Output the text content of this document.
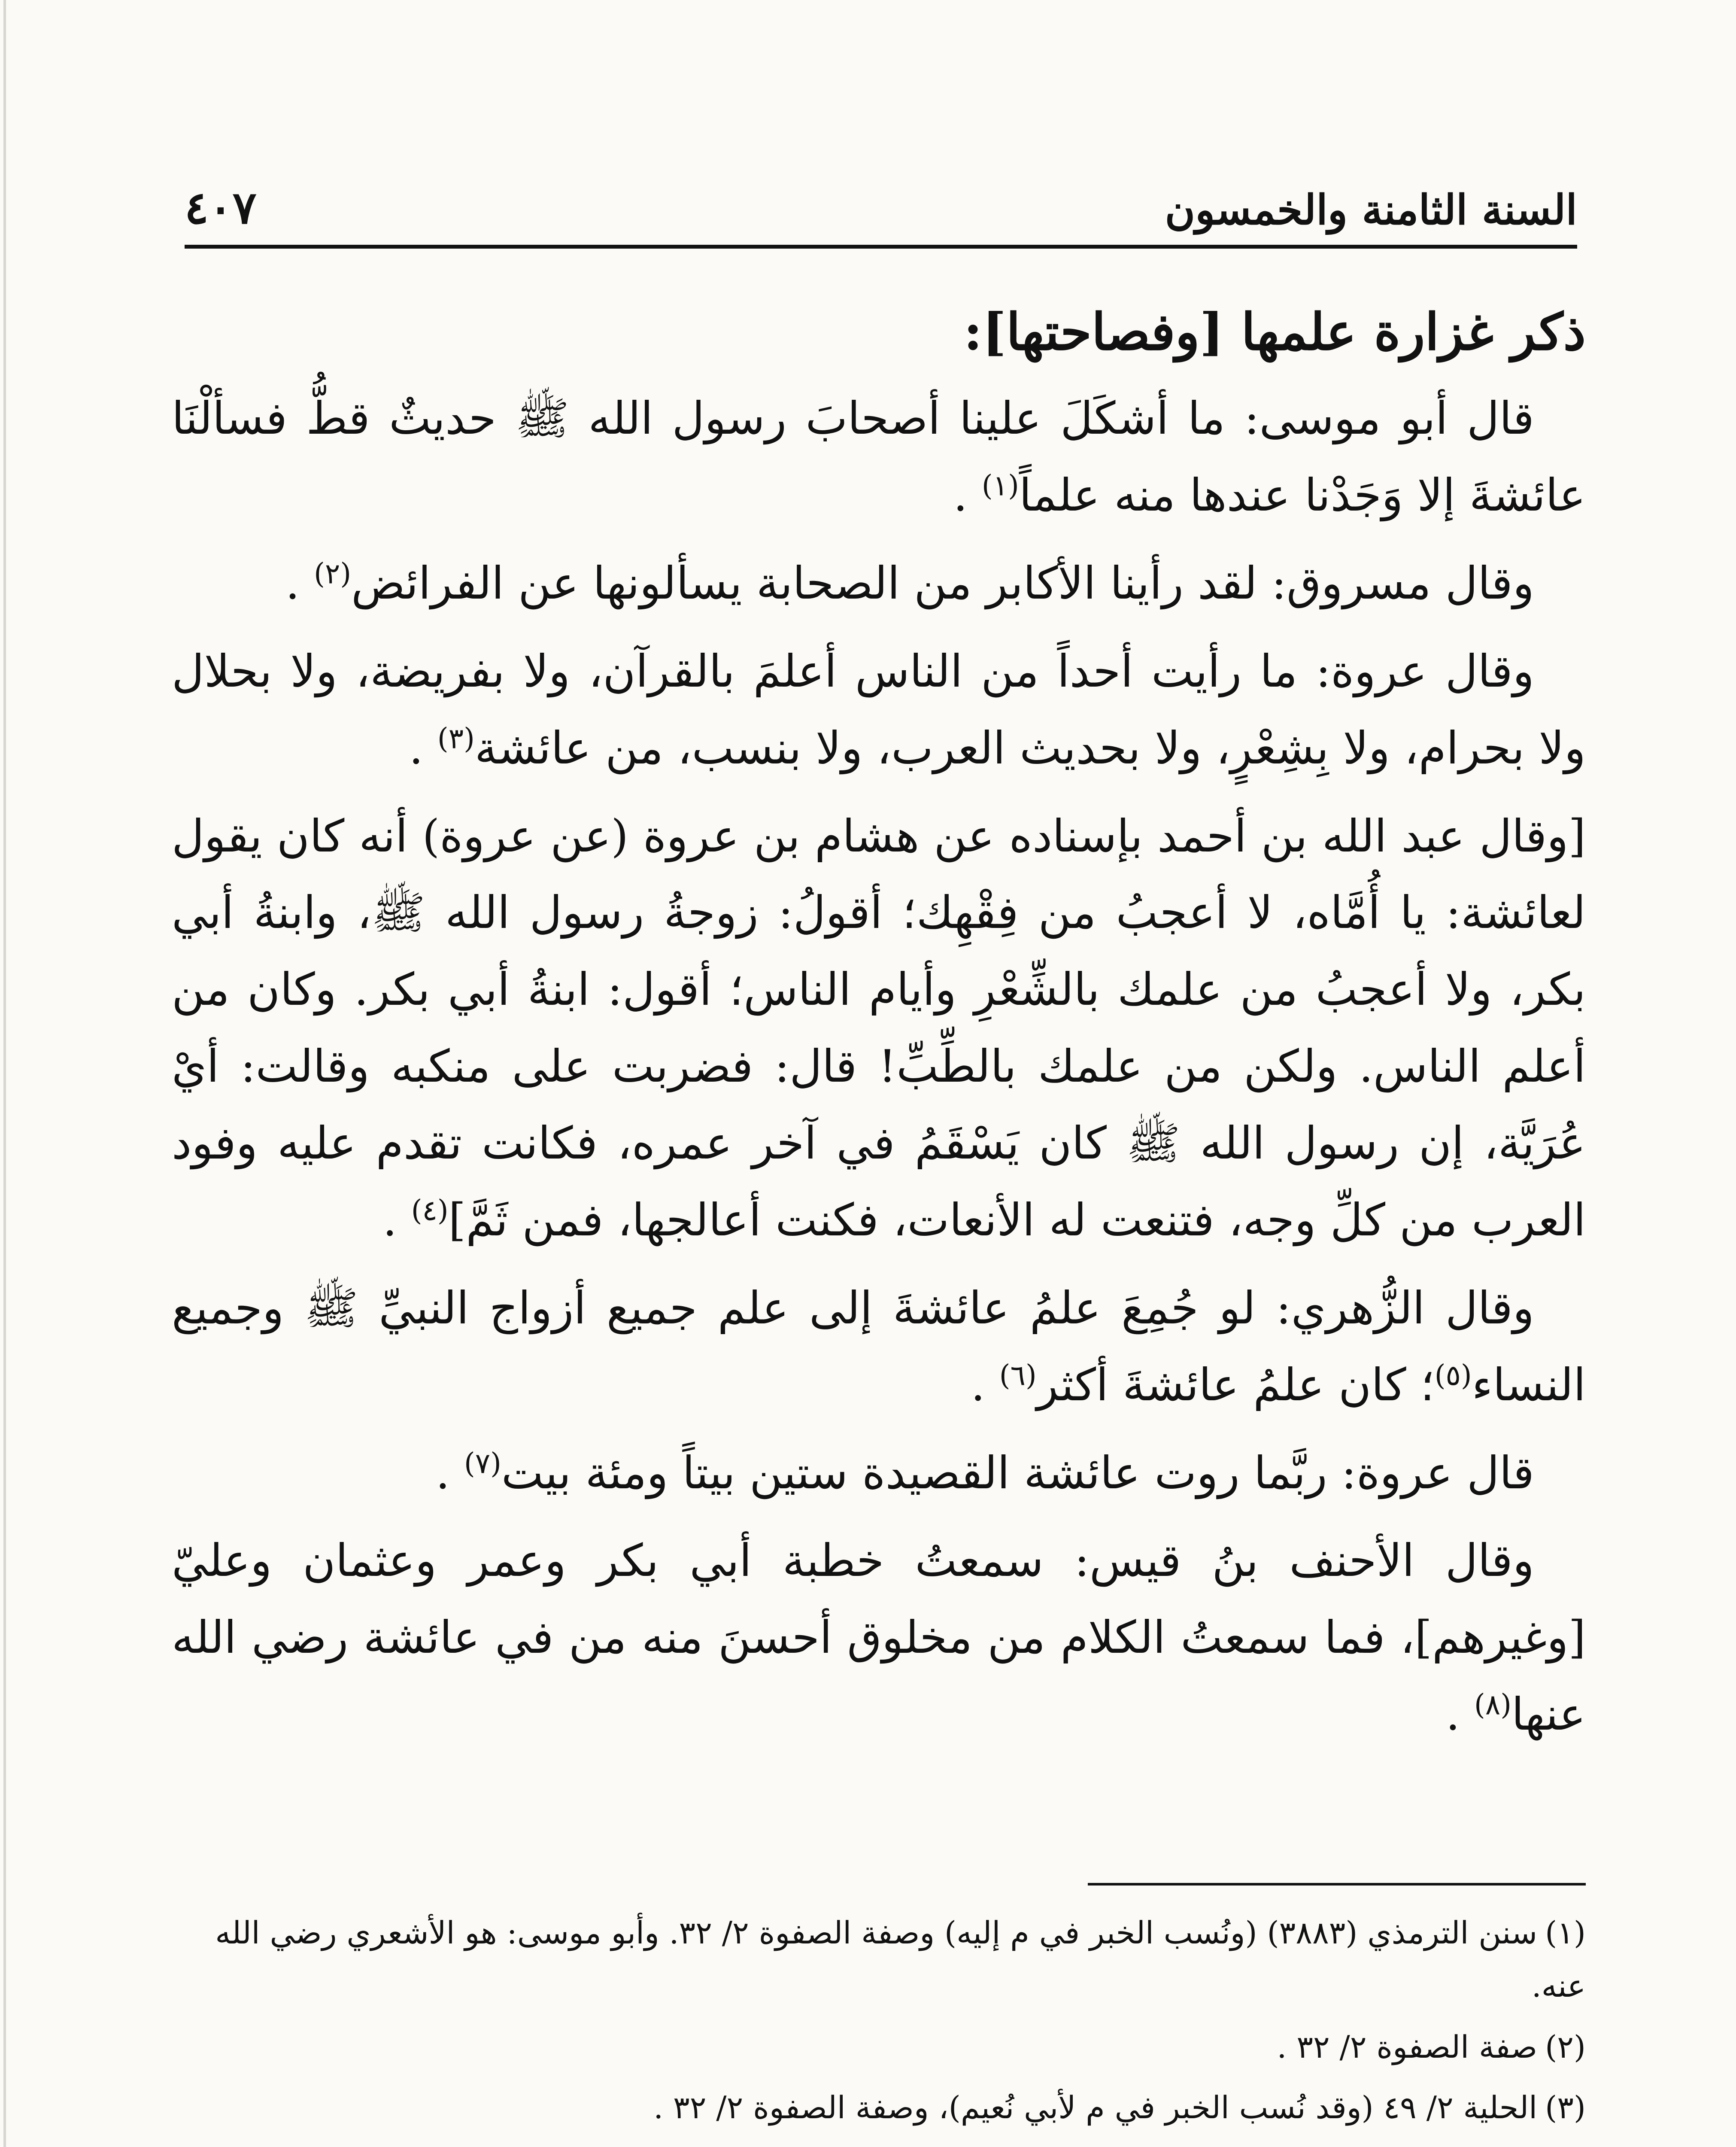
السنة الثامنة والخمسون
٤٠٧
ذكر غزارة علمها [وفصاحتها]:

قال أبو موسى: ما أشكَلَ علينا أصحابَ رسول الله ﷺ حديثٌ قطُّ فسألْنَا عائشةَ إلا وَجَدْنا عندها منه علماً$^{(١)}$ .

وقال مسروق: لقد رأينا الأكابر من الصحابة يسألونها عن الفرائض$^{(٢)}$ .

وقال عروة: ما رأيت أحداً من الناس أعلمَ بالقرآن، ولا بفريضة، ولا بحلال ولا بحرام، ولا بِشِعْرٍ، ولا بحديث العرب، ولا بنسب، من عائشة$^{(٣)}$ .

[وقال عبد الله بن أحمد بإسناده عن هشام بن عروة (عن عروة) أنه كان يقول لعائشة: يا أُمَّاه، لا أعجبُ من فِقْهِك؛ أقولُ: زوجةُ رسول الله ﷺ، وابنةُ أبي بكر، ولا أعجبُ من علمك بالشِّعْرِ وأيام الناس؛ أقول: ابنةُ أبي بكر. وكان من أعلم الناس. ولكن من علمك بالطِّبِّ! قال: فضربت على منكبه وقالت: أيْ عُرَيَّة، إن رسول الله ﷺ كان يَسْقَمُ في آخر عمره، فكانت تقدم عليه وفود العرب من كلِّ وجه، فتنعت له الأنعات، فكنت أعالجها، فمن ثَمَّ]$^{(٤)}$ .

وقال الزُّهري: لو جُمِعَ علمُ عائشةَ إلى علم جميع أزواج النبيِّ ﷺ وجميع النساء$^{(٥)}$؛ كان علمُ عائشةَ أكثر$^{(٦)}$ .

قال عروة: ربَّما روت عائشة القصيدة ستين بيتاً ومئة بيت$^{(٧)}$ .

وقال الأحنف بنُ قيس: سمعتُ خطبة أبي بكر وعمر وعثمان وعليّ [وغيرهم]، فما سمعتُ الكلام من مخلوق أحسنَ منه من في عائشة رضي الله عنها$^{(٨)}$ .

(١)سنن الترمذي (٣٨٨٣) (ونُسب الخبر في م إليه) وصفة الصفوة ٢/ ٣٢. وأبو موسى: هو الأشعري رضي الله عنه.

(٢)صفة الصفوة ٢/ ٣٢ .

(٣)الحلية ٢/ ٤٩ (وقد نُسب الخبر في م لأبي نُعيم)، وصفة الصفوة ٢/ ٣٢ .
